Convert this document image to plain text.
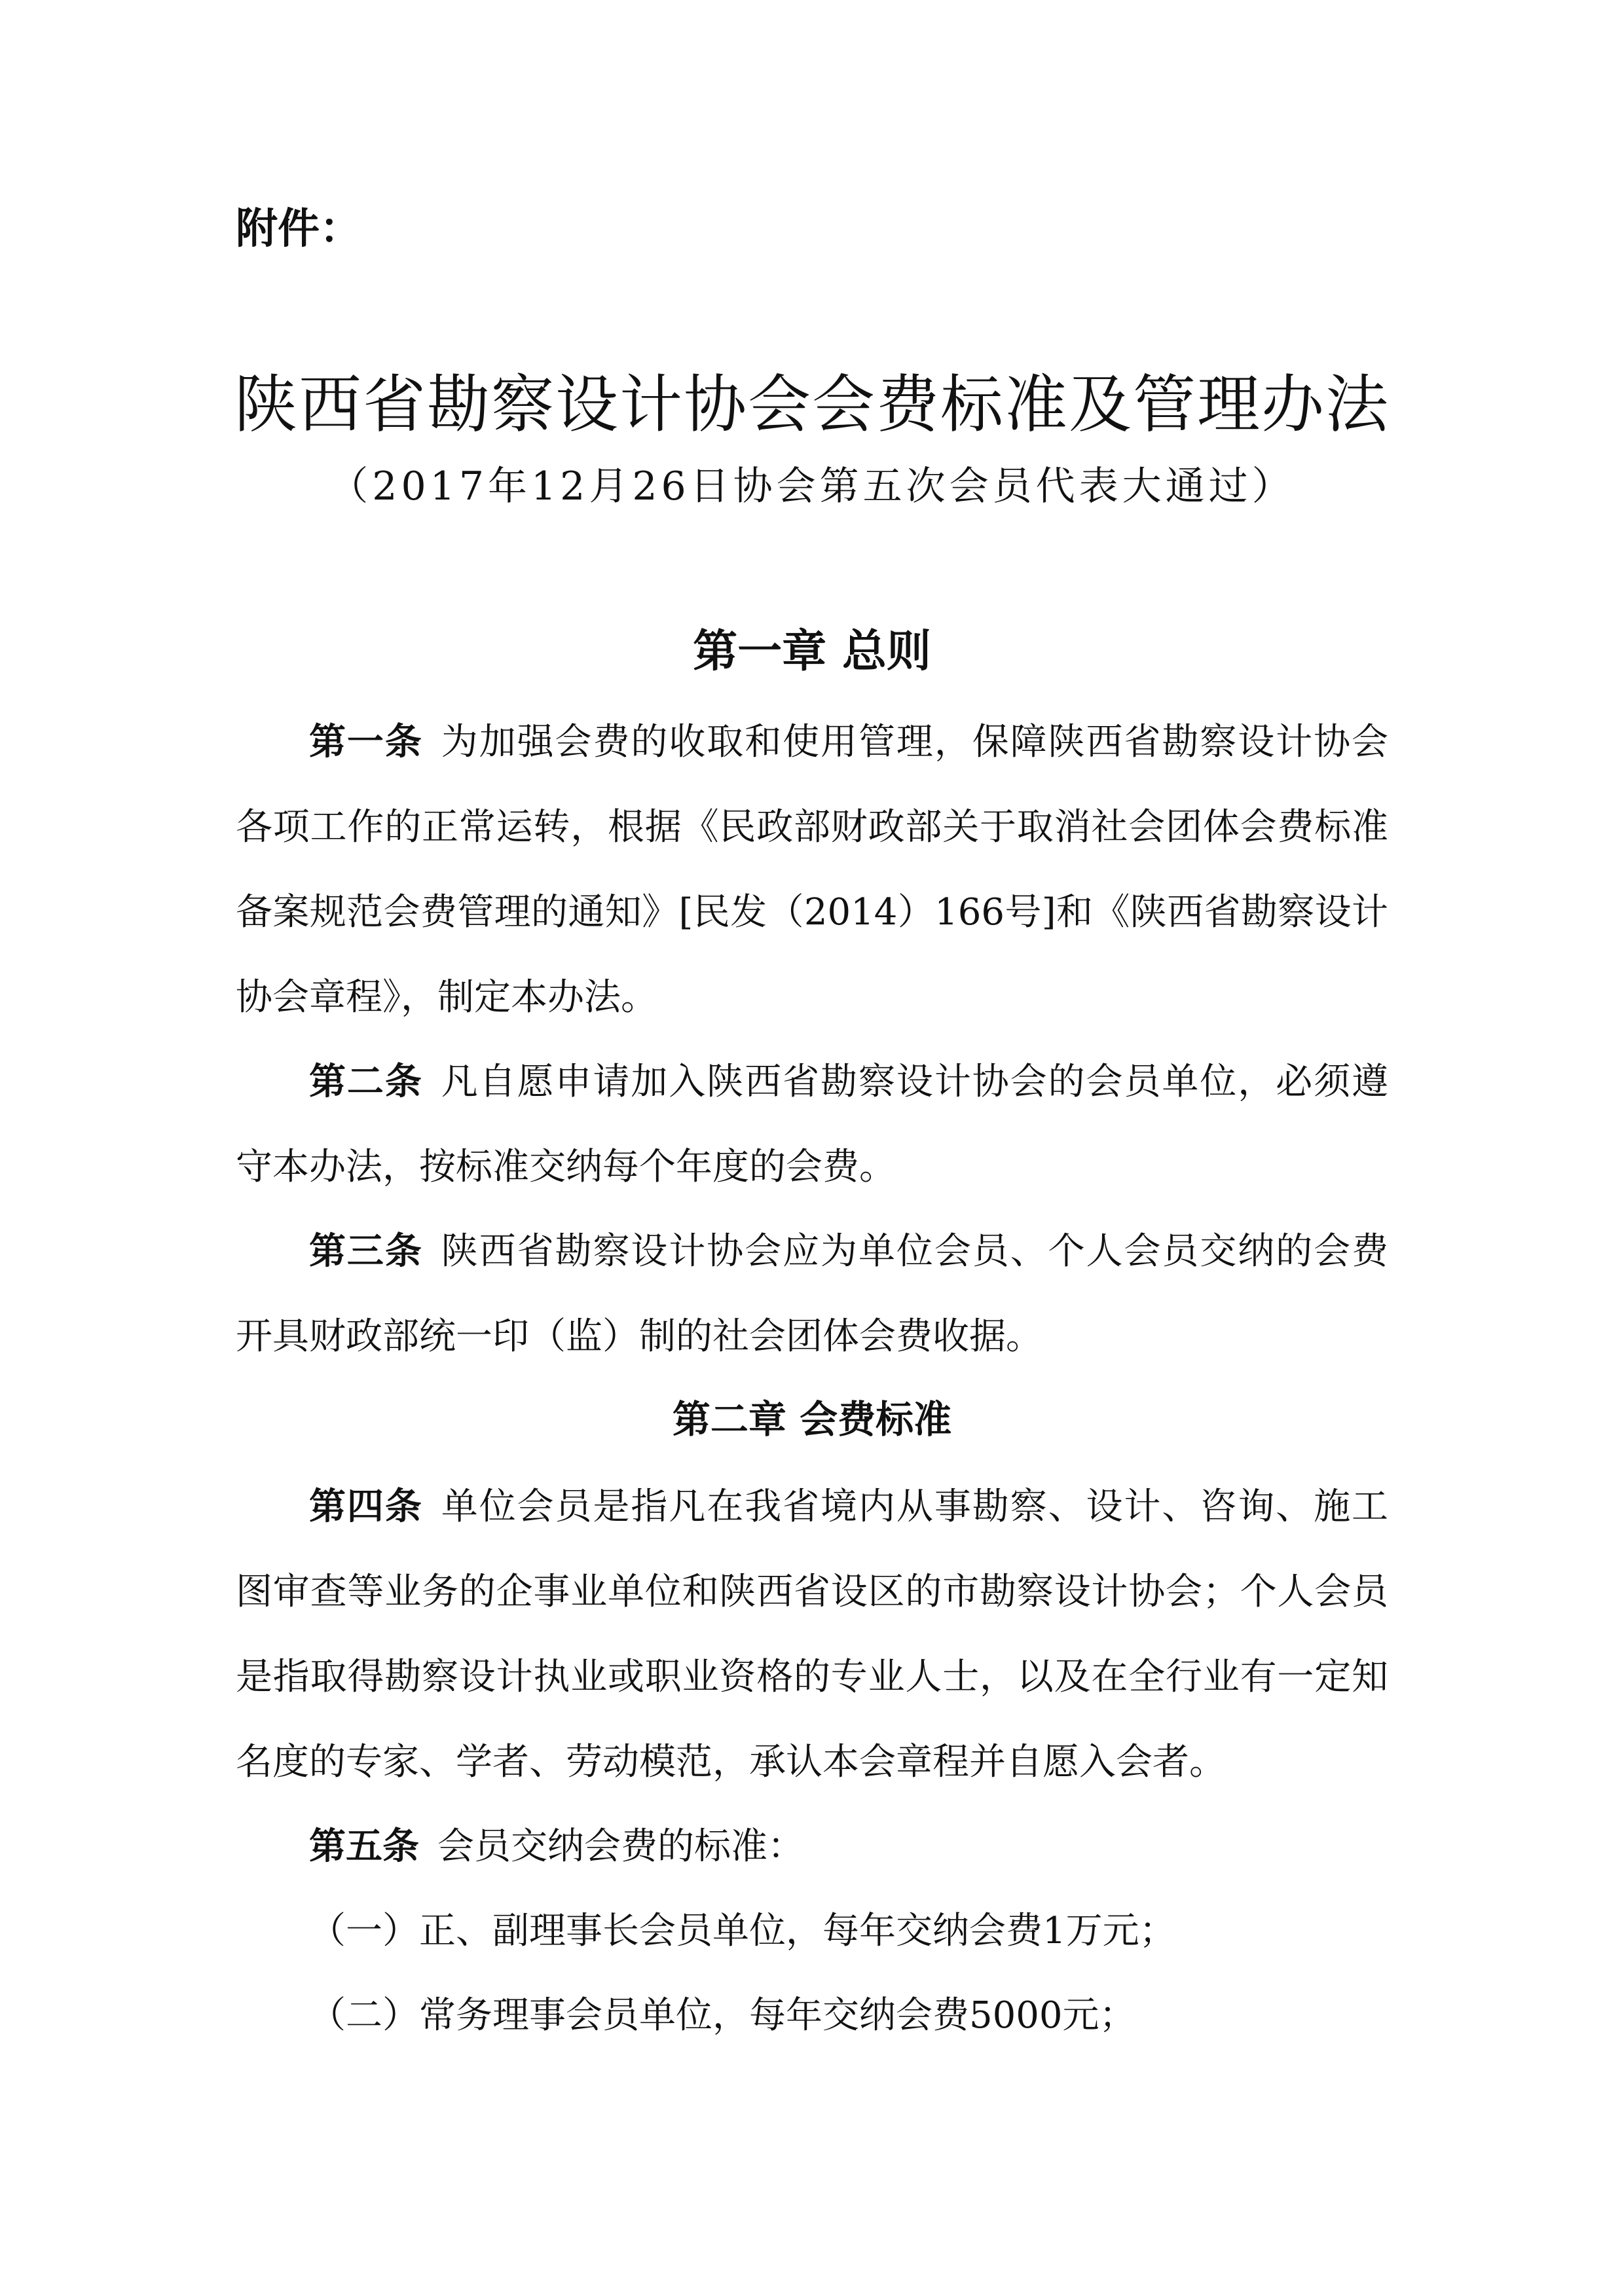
附件：
陕西省勘察设计协会会费标准及管理办法
（2017年12月26日协会第五次会员代表大通过）
第一章 总则

第一条 为加强会费的收取和使用管理，保障陕西省勘察设计协会各项工作的正常运转，根据《民政部财政部关于取消社会团体会费标准备案规范会费管理的通知》[民发（2014）166号]和《陕西省勘察设计协会章程》，制定本办法。

第二条 凡自愿申请加入陕西省勘察设计协会的会员单位，必须遵守本办法，按标准交纳每个年度的会费。

第三条 陕西省勘察设计协会应为单位会员、个人会员交纳的会费开具财政部统一印（监）制的社会团体会费收据。

第二章 会费标准

第四条 单位会员是指凡在我省境内从事勘察、设计、咨询、施工图审查等业务的企事业单位和陕西省设区的市勘察设计协会；个人会员是指取得勘察设计执业或职业资格的专业人士，以及在全行业有一定知名度的专家、学者、劳动模范，承认本会章程并自愿入会者。

第五条 会员交纳会费的标准：

（一）正、副理事长会员单位，每年交纳会费1万元；

（二）常务理事会员单位，每年交纳会费5000元；
